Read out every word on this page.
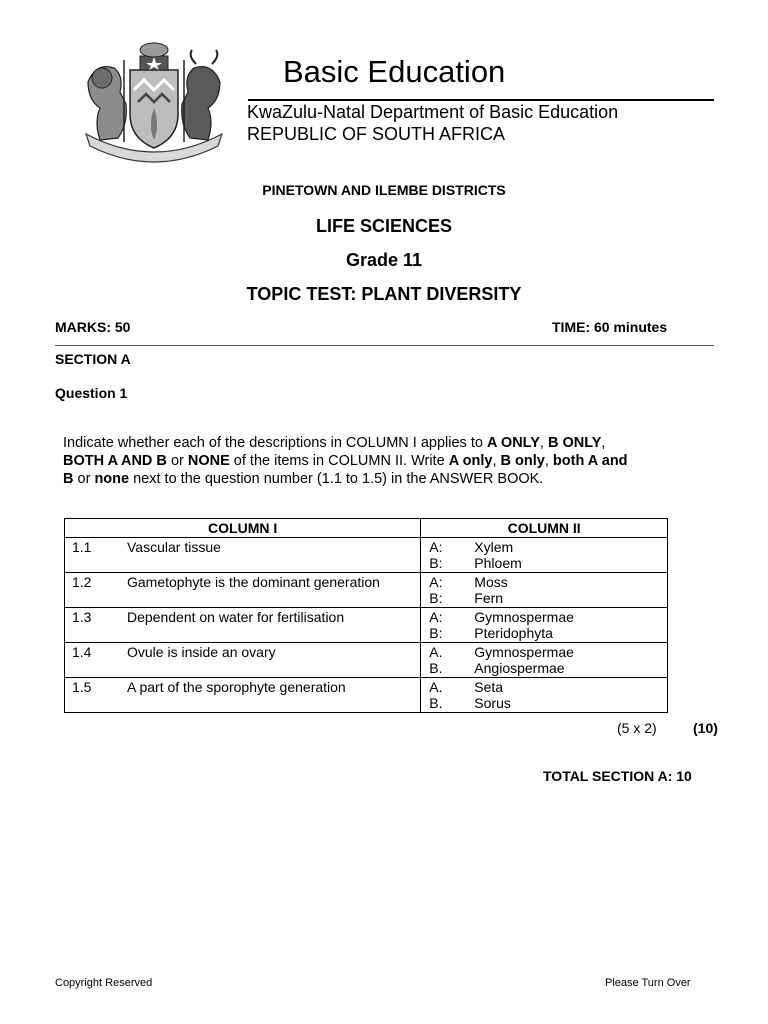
Basic Education
KwaZulu-Natal Department of Basic Education
REPUBLIC OF SOUTH AFRICA
PINETOWN AND ILEMBE DISTRICTS
LIFE SCIENCES
Grade 11
TOPIC TEST: PLANT DIVERSITY
MARKS: 50	TIME: 60 minutes
SECTION A
Question 1
Indicate whether each of the descriptions in COLUMN I applies to A ONLY, B ONLY,
BOTH A AND B or NONE of the items in COLUMN II. Write A only, B only, both A and
B or none next to the question number (1.1 to 1.5) in the ANSWER BOOK.
COLUMN I	COLUMN II

1.1 Vascular tissue	A: Xylem
B: Phloem

1.2 Gametophyte is the dominant generation	A: Moss
B: Fern

1.3 Dependent on water for fertilisation	A: Gymnospermae
B: Pteridophyta

1.4 Ovule is inside an ovary	A. Gymnospermae
B. Angiospermae

1.5 A part of the sporophyte generation	A. Seta
B. Sorus
(5 x 2)	(10)
TOTAL SECTION A: 10
Copyright Reserved	Please Turn Over
